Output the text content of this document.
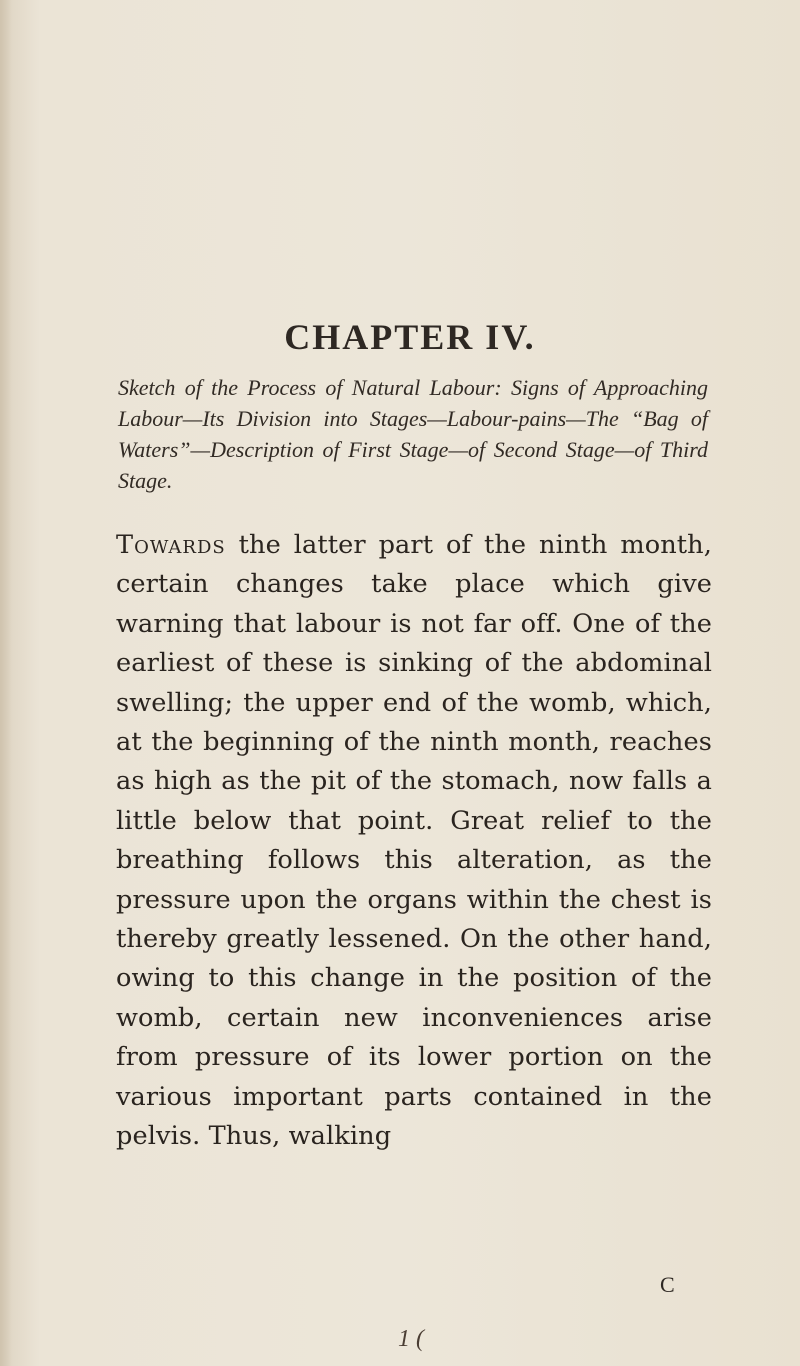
CHAPTER IV.

Sketch of the Process of Natural Labour: Signs of Approaching Labour—Its Division into Stages—Labour-pains—The “Bag of Waters”—Description of First Stage—of Second Stage—of Third Stage.

Towards the latter part of the ninth month, certain changes take place which give warning that labour is not far off. One of the earliest of these is sinking of the abdominal swelling; the upper end of the womb, which, at the beginning of the ninth month, reaches as high as the pit of the stomach, now falls a little below that point. Great relief to the breathing follows this alteration, as the pressure upon the organs within the chest is thereby greatly lessened. On the other hand, owing to this change in the position of the womb, certain new inconveniences arise from pressure of its lower portion on the various important parts contained in the pelvis. Thus, walking

C
1 (
